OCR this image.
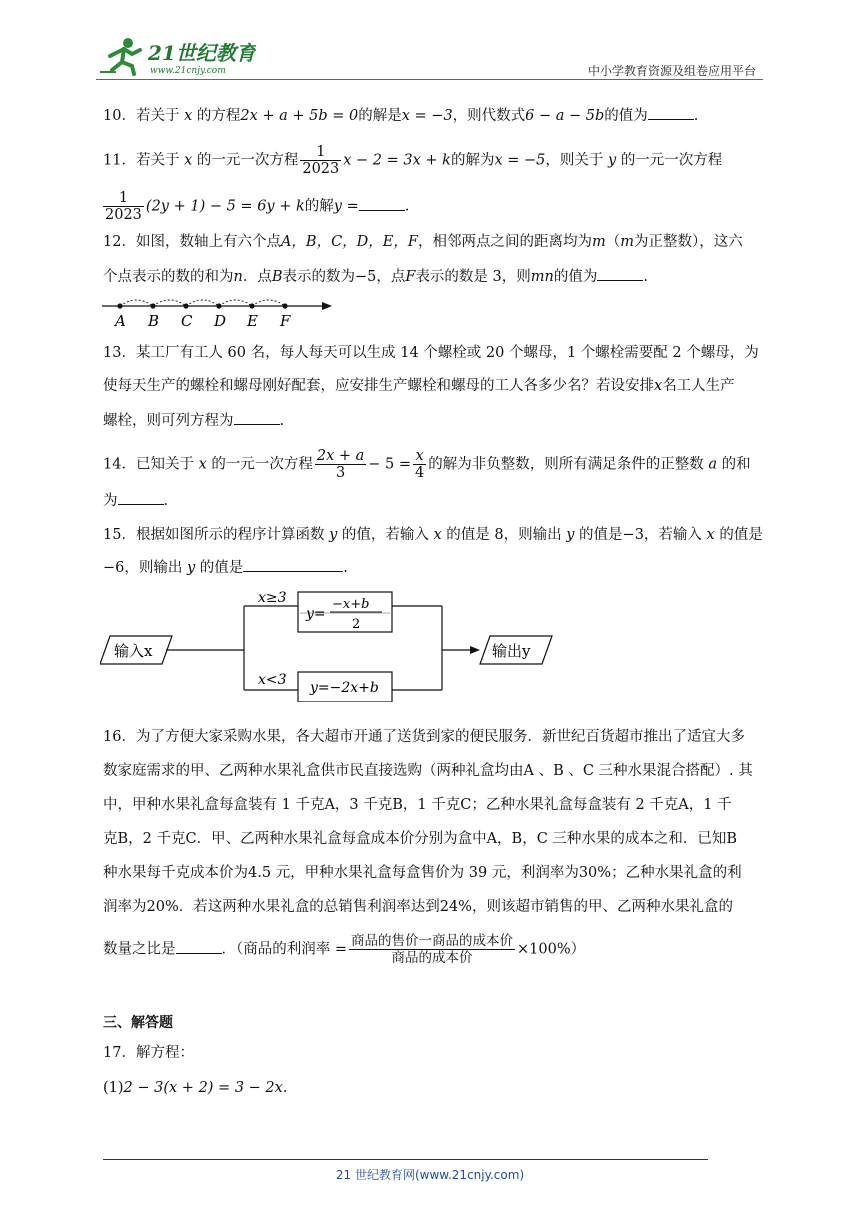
21世纪教育
www.21cnjy.com	中小学教育资源及组卷应用平台
10．若关于 x 的方程2x + a + 5b = 0的解是x = −3，则代数式6 − a − 5b的值为	.
11．若关于 x 的一元一次方程 $\frac{1}{2023}$ x − 2 = 3x + k的解为x = −5，则关于 y 的一元一次方程
$\frac{1}{2023} (2y + 1) - 5 = 6y + k$的解y =	.
12．如图，数轴上有六个点A，B，C，D，E，F，相邻两点之间的距离均为m（m为正整数），这六
个点表示的数的和为n．点B表示的数为−5，点F表示的数是 3，则mn的值为	.
A B C D E F
13．某工厂有工人 60 名，每人每天可以生成 14 个螺栓或 20 个螺母，1 个螺栓需要配 2 个螺母，为
使每天生产的螺栓和螺母刚好配套，应安排生产螺栓和螺母的工人各多少名？若设安排x名工人生产
螺栓，则可列方程为	.
14．已知关于 x 的一元一次方程 $\frac{2x + a}{3} - 5 = \frac{x}{4}$ 的解为非负整数，则所有满足条件的正整数 a 的和
为	.
15．根据如图所示的程序计算函数 y 的值，若输入 x 的值是 8，则输出 y 的值是−3，若输入 x 的值是
−6，则输出 y 的值是	.
输入x
x≥3
x<3
y=
−x+b
2
y=−2x+b
输出y
16．为了方便大家采购水果，各大超市开通了送货到家的便民服务．新世纪百货超市推出了适宜大多
数家庭需求的甲、乙两种水果礼盒供市民直接选购（两种礼盒均由A 、B 、C 三种水果混合搭配）. 其
中，甲种水果礼盒每盒装有 1 千克A，3 千克B，1 千克C；乙种水果礼盒每盒装有 2 千克A，1 千
克B，2 千克C．甲、乙两种水果礼盒每盒成本价分别为盒中A，B，C 三种水果的成本之和．已知B
种水果每千克成本价为4.5 元，甲种水果礼盒每盒售价为 39 元，利润率为30%；乙种水果礼盒的利
润率为20%．若这两种水果礼盒的总销售利润率达到24%，则该超市销售的甲、乙两种水果礼盒的
数量之比是	．（商品的利润率 = $\frac{\text{商品的售价一商品的成本价}}{\text{商品的成本价}} \times 100\%$）
三、解答题
17．解方程：
(1)2 − 3(x + 2) = 3 − 2x.
21 世纪教育网(www.21cnjy.com)
